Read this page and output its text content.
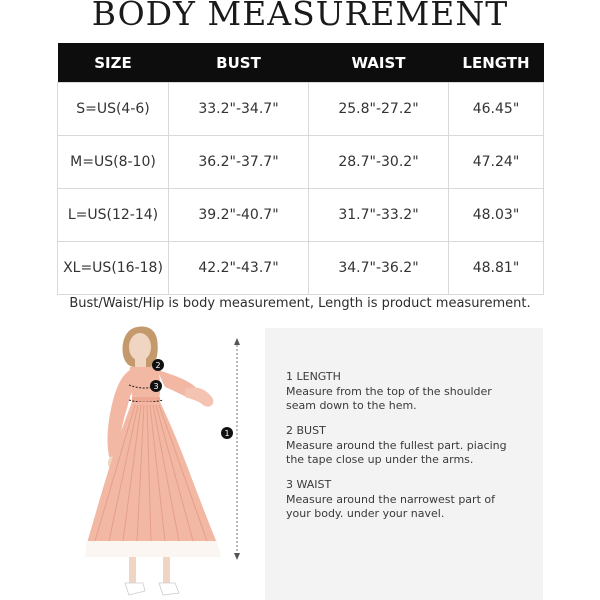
BODY MEASUREMENT
SIZE	BUST	WAIST	LENGTH
S=US(4-6)	33.2"-34.7"	25.8"-27.2"	46.45"
M=US(8-10)	36.2"-37.7"	28.7"-30.2"	47.24"
L=US(12-14)	39.2"-40.7"	31.7"-33.2"	48.03"
XL=US(16-18)	42.2"-43.7"	34.7"-36.2"	48.81"
Bust/Waist/Hip is body measurement, Length is product measurement.
1
2
3
1 LENGTH
Measure from the top of the shoulder
seam down to the hem.
2 BUST
Measure around the fullest part. piacing
the tape close up under the arms.
3 WAIST
Measure around the narrowest part of
your body. under your navel.
